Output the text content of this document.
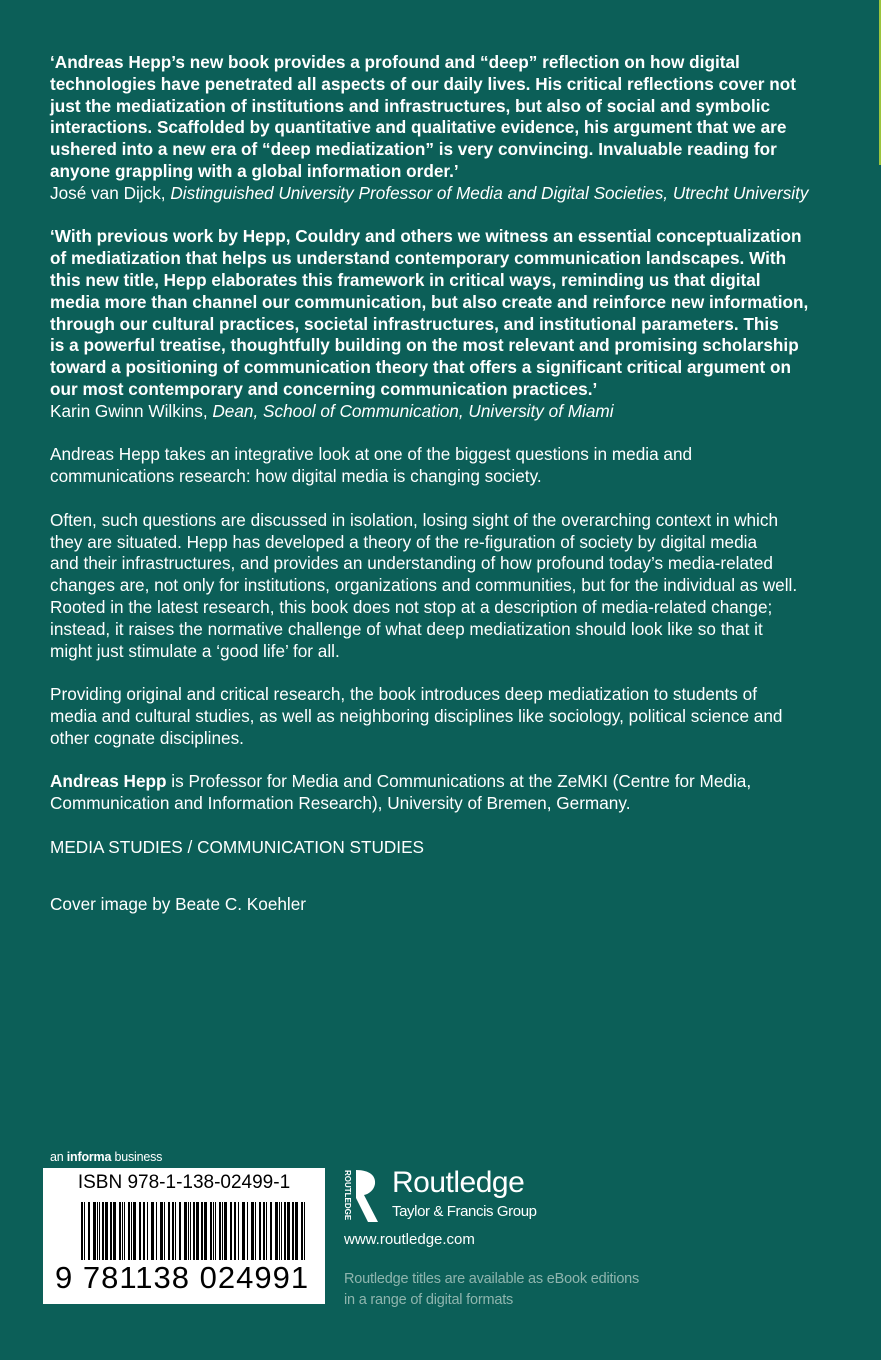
‘Andreas Hepp’s new book provides a profound and “deep” reflection on how digital
technologies have penetrated all aspects of our daily lives. His critical reflections cover not
just the mediatization of institutions and infrastructures, but also of social and symbolic
interactions. Scaffolded by quantitative and qualitative evidence, his argument that we are
ushered into a new era of “deep mediatization” is very convincing. Invaluable reading for
anyone grappling with a global information order.’
José van Dijck, Distinguished University Professor of Media and Digital Societies, Utrecht University
‘With previous work by Hepp, Couldry and others we witness an essential conceptualization
of mediatization that helps us understand contemporary communication landscapes. With
this new title, Hepp elaborates this framework in critical ways, reminding us that digital
media more than channel our communication, but also create and reinforce new information,
through our cultural practices, societal infrastructures, and institutional parameters. This
is a powerful treatise, thoughtfully building on the most relevant and promising scholarship
toward a positioning of communication theory that offers a significant critical argument on
our most contemporary and concerning communication practices.’
Karin Gwinn Wilkins, Dean, School of Communication, University of Miami
Andreas Hepp takes an integrative look at one of the biggest questions in media and
communications research: how digital media is changing society.
Often, such questions are discussed in isolation, losing sight of the overarching context in which
they are situated. Hepp has developed a theory of the re-figuration of society by digital media
and their infrastructures, and provides an understanding of how profound today’s media-related
changes are, not only for institutions, organizations and communities, but for the individual as well.
Rooted in the latest research, this book does not stop at a description of media-related change;
instead, it raises the normative challenge of what deep mediatization should look like so that it
might just stimulate a ‘good life’ for all.
Providing original and critical research, the book introduces deep mediatization to students of
media and cultural studies, as well as neighboring disciplines like sociology, political science and
other cognate disciplines.
Andreas Hepp is Professor for Media and Communications at the ZeMKI (Centre for Media,
Communication and Information Research), University of Bremen, Germany.
MEDIA STUDIES / COMMUNICATION STUDIES
Cover image by Beate C. Koehler
an informa business
ISBN 978-1-138-02499-1
9 781138 024991
ROUTLEDGE Routledge
Taylor & Francis Group
www.routledge.com
Routledge titles are available as eBook editions
in a range of digital formats
